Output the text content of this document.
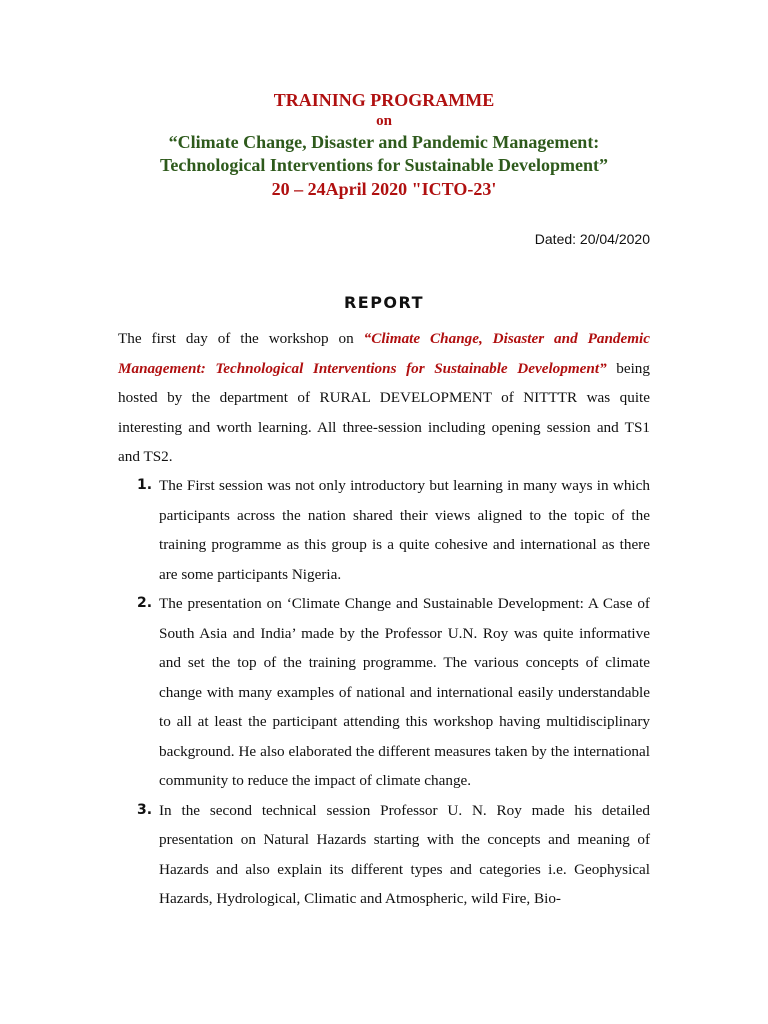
TRAINING PROGRAMME
on
“Climate Change, Disaster and Pandemic Management:
Technological Interventions for Sustainable Development”
20 – 24April 2020 "ICTO-23'
Dated: 20/04/2020
REPORT
The first day of the workshop on “Climate Change, Disaster and Pandemic Management: Technological Interventions for Sustainable Development” being hosted by the department of RURAL DEVELOPMENT of NITTTR was quite interesting and worth learning. All three-session including opening session and TS1 and TS2.
1. The First session was not only introductory but learning in many ways in which participants across the nation shared their views aligned to the topic of the training programme as this group is a quite cohesive and international as there are some participants Nigeria.
2. The presentation on ‘Climate Change and Sustainable Development: A Case of South Asia and India’ made by the Professor U.N. Roy was quite informative and set the top of the training programme. The various concepts of climate change with many examples of national and international easily understandable to all at least the participant attending this workshop having multidisciplinary background. He also elaborated the different measures taken by the international community to reduce the impact of climate change.
3. In the second technical session Professor U. N. Roy made his detailed presentation on Natural Hazards starting with the concepts and meaning of Hazards and also explain its different types and categories i.e. Geophysical Hazards, Hydrological, Climatic and Atmospheric, wild Fire, Bio-
